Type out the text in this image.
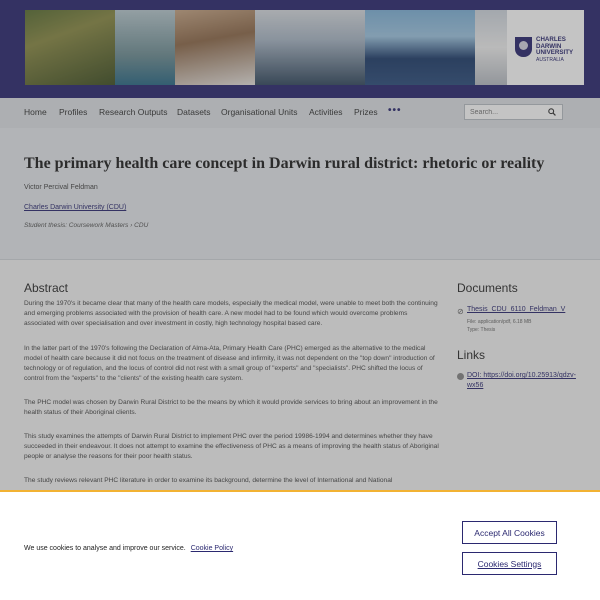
CHARLES DARWIN UNIVERSITY
AUSTRALIA
Home Profiles Research Outputs Datasets Organisational Units Activities Prizes •••
Search...
The primary health care concept in Darwin rural district: rhetoric or reality
Victor Percival Feldman
Charles Darwin University (CDU)
Student thesis: Coursework Masters › CDU
Abstract

During the 1970's it became clear that many of the health care models, especially the medical model, were unable to meet both the continuing and emerging problems associated with the provision of health care. A new model had to be found which would overcome problems associated with over specialisation and over investment in costly, high technology hospital based care.

In the latter part of the 1970's following the Declaration of Alma-Ata, Primary Health Care (PHC) emerged as the alternative to the medical model of health care because it did not focus on the treatment of disease and infirmity, it was not dependent on the "top down" introduction of technology or of regulation, and the locus of control did not rest with a small group of "experts" and "specialists". PHC shifted the locus of control from the "experts" to the "clients" of the existing health care system.

The PHC model was chosen by Darwin Rural District to be the means by which it would provide services to bring about an improvement in the health status of their Aboriginal clients.

This study examines the attempts of Darwin Rural District to implement PHC over the period 19986-1994 and determines whether they have succeeded in their endeavour. It does not attempt to examine the effectiveness of PHC as a means of improving the health status of Aboriginal people or analyse the reasons for their poor health status.

The study reviews relevant PHC literature in order to examine its background, determine the level of International and National

Documents
⊘ Thesis_CDU_6110_Feldman_V
File: application/pdf, 6.18 MB
Type: Thesis
Links
DOI: https://doi.org/10.25913/qdzv-wx56
We use cookies to analyse and improve our service. Cookie Policy
Accept All Cookies
Cookies Settings
